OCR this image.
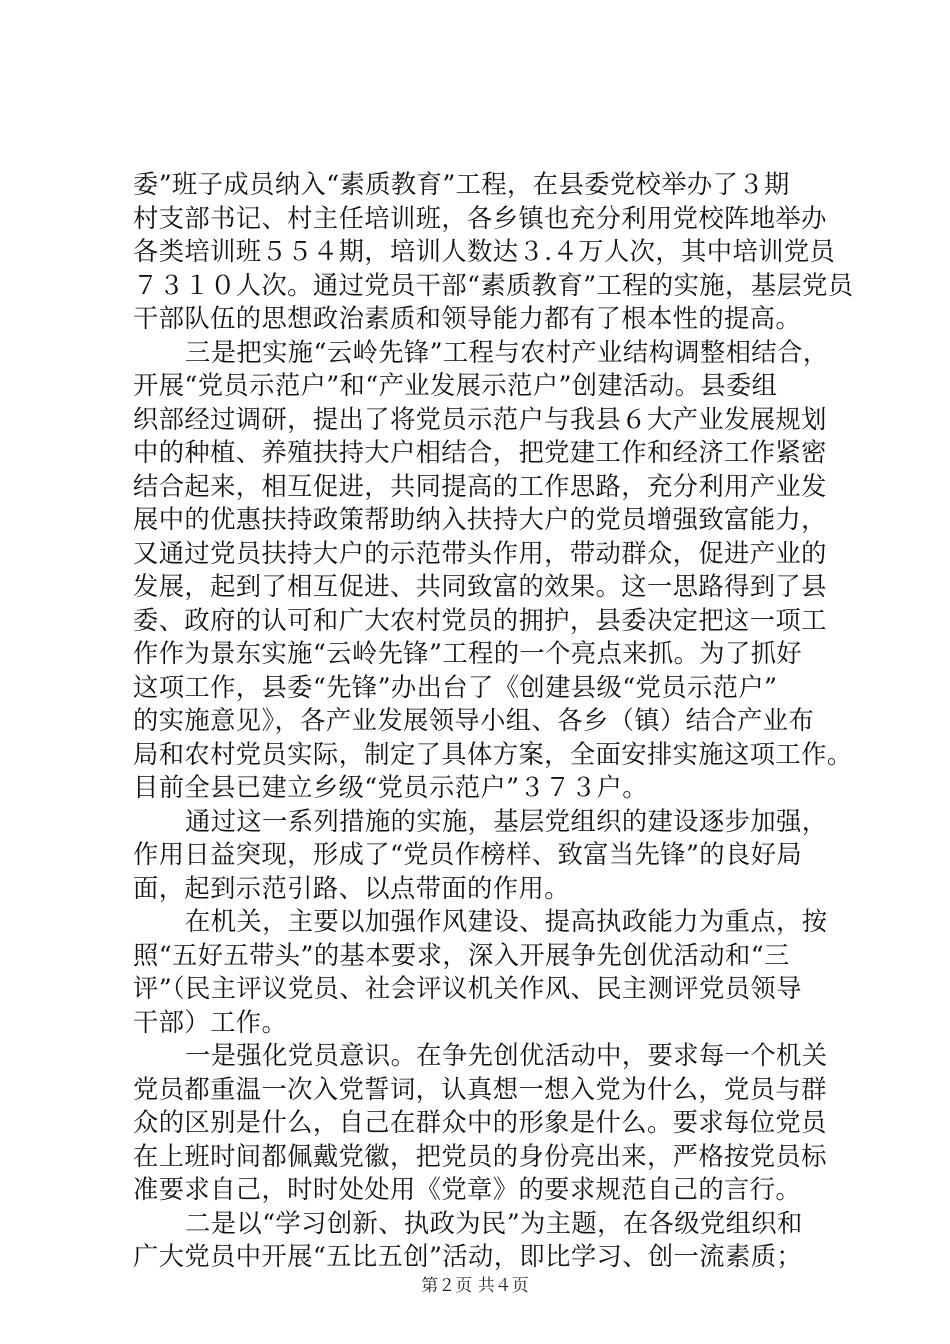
委”班子成员纳入“素质教育”工程，在县委党校举办了３期
村支部书记、村主任培训班，各乡镇也充分利用党校阵地举办
各类培训班５５４期，培训人数达３.４万人次，其中培训党员
７３１０人次。通过党员干部“素质教育”工程的实施，基层党员
干部队伍的思想政治素质和领导能力都有了根本性的提高。
三是把实施“云岭先锋”工程与农村产业结构调整相结合，
开展“党员示范户”和“产业发展示范户”创建活动。县委组
织部经过调研，提出了将党员示范户与我县６大产业发展规划
中的种植、养殖扶持大户相结合，把党建工作和经济工作紧密
结合起来，相互促进，共同提高的工作思路，充分利用产业发
展中的优惠扶持政策帮助纳入扶持大户的党员增强致富能力，
又通过党员扶持大户的示范带头作用，带动群众，促进产业的
发展，起到了相互促进、共同致富的效果。这一思路得到了县
委、政府的认可和广大农村党员的拥护，县委决定把这一项工
作作为景东实施“云岭先锋”工程的一个亮点来抓。为了抓好
这项工作，县委“先锋”办出台了《创建县级“党员示范户”
的实施意见》，各产业发展领导小组、各乡（镇）结合产业布
局和农村党员实际，制定了具体方案，全面安排实施这项工作。
目前全县已建立乡级“党员示范户”３７３户。
通过这一系列措施的实施，基层党组织的建设逐步加强，
作用日益突现，形成了“党员作榜样、致富当先锋”的良好局
面，起到示范引路、以点带面的作用。
在机关，主要以加强作风建设、提高执政能力为重点，按
照“五好五带头”的基本要求，深入开展争先创优活动和“三
评”（民主评议党员、社会评议机关作风、民主测评党员领导
干部）工作。
一是强化党员意识。在争先创优活动中，要求每一个机关
党员都重温一次入党誓词，认真想一想入党为什么，党员与群
众的区别是什么，自己在群众中的形象是什么。要求每位党员
在上班时间都佩戴党徽，把党员的身份亮出来，严格按党员标
准要求自己，时时处处用《党章》的要求规范自己的言行。
二是以“学习创新、执政为民”为主题，在各级党组织和
广大党员中开展“五比五创”活动，即比学习、创一流素质；
第２页 共４页
